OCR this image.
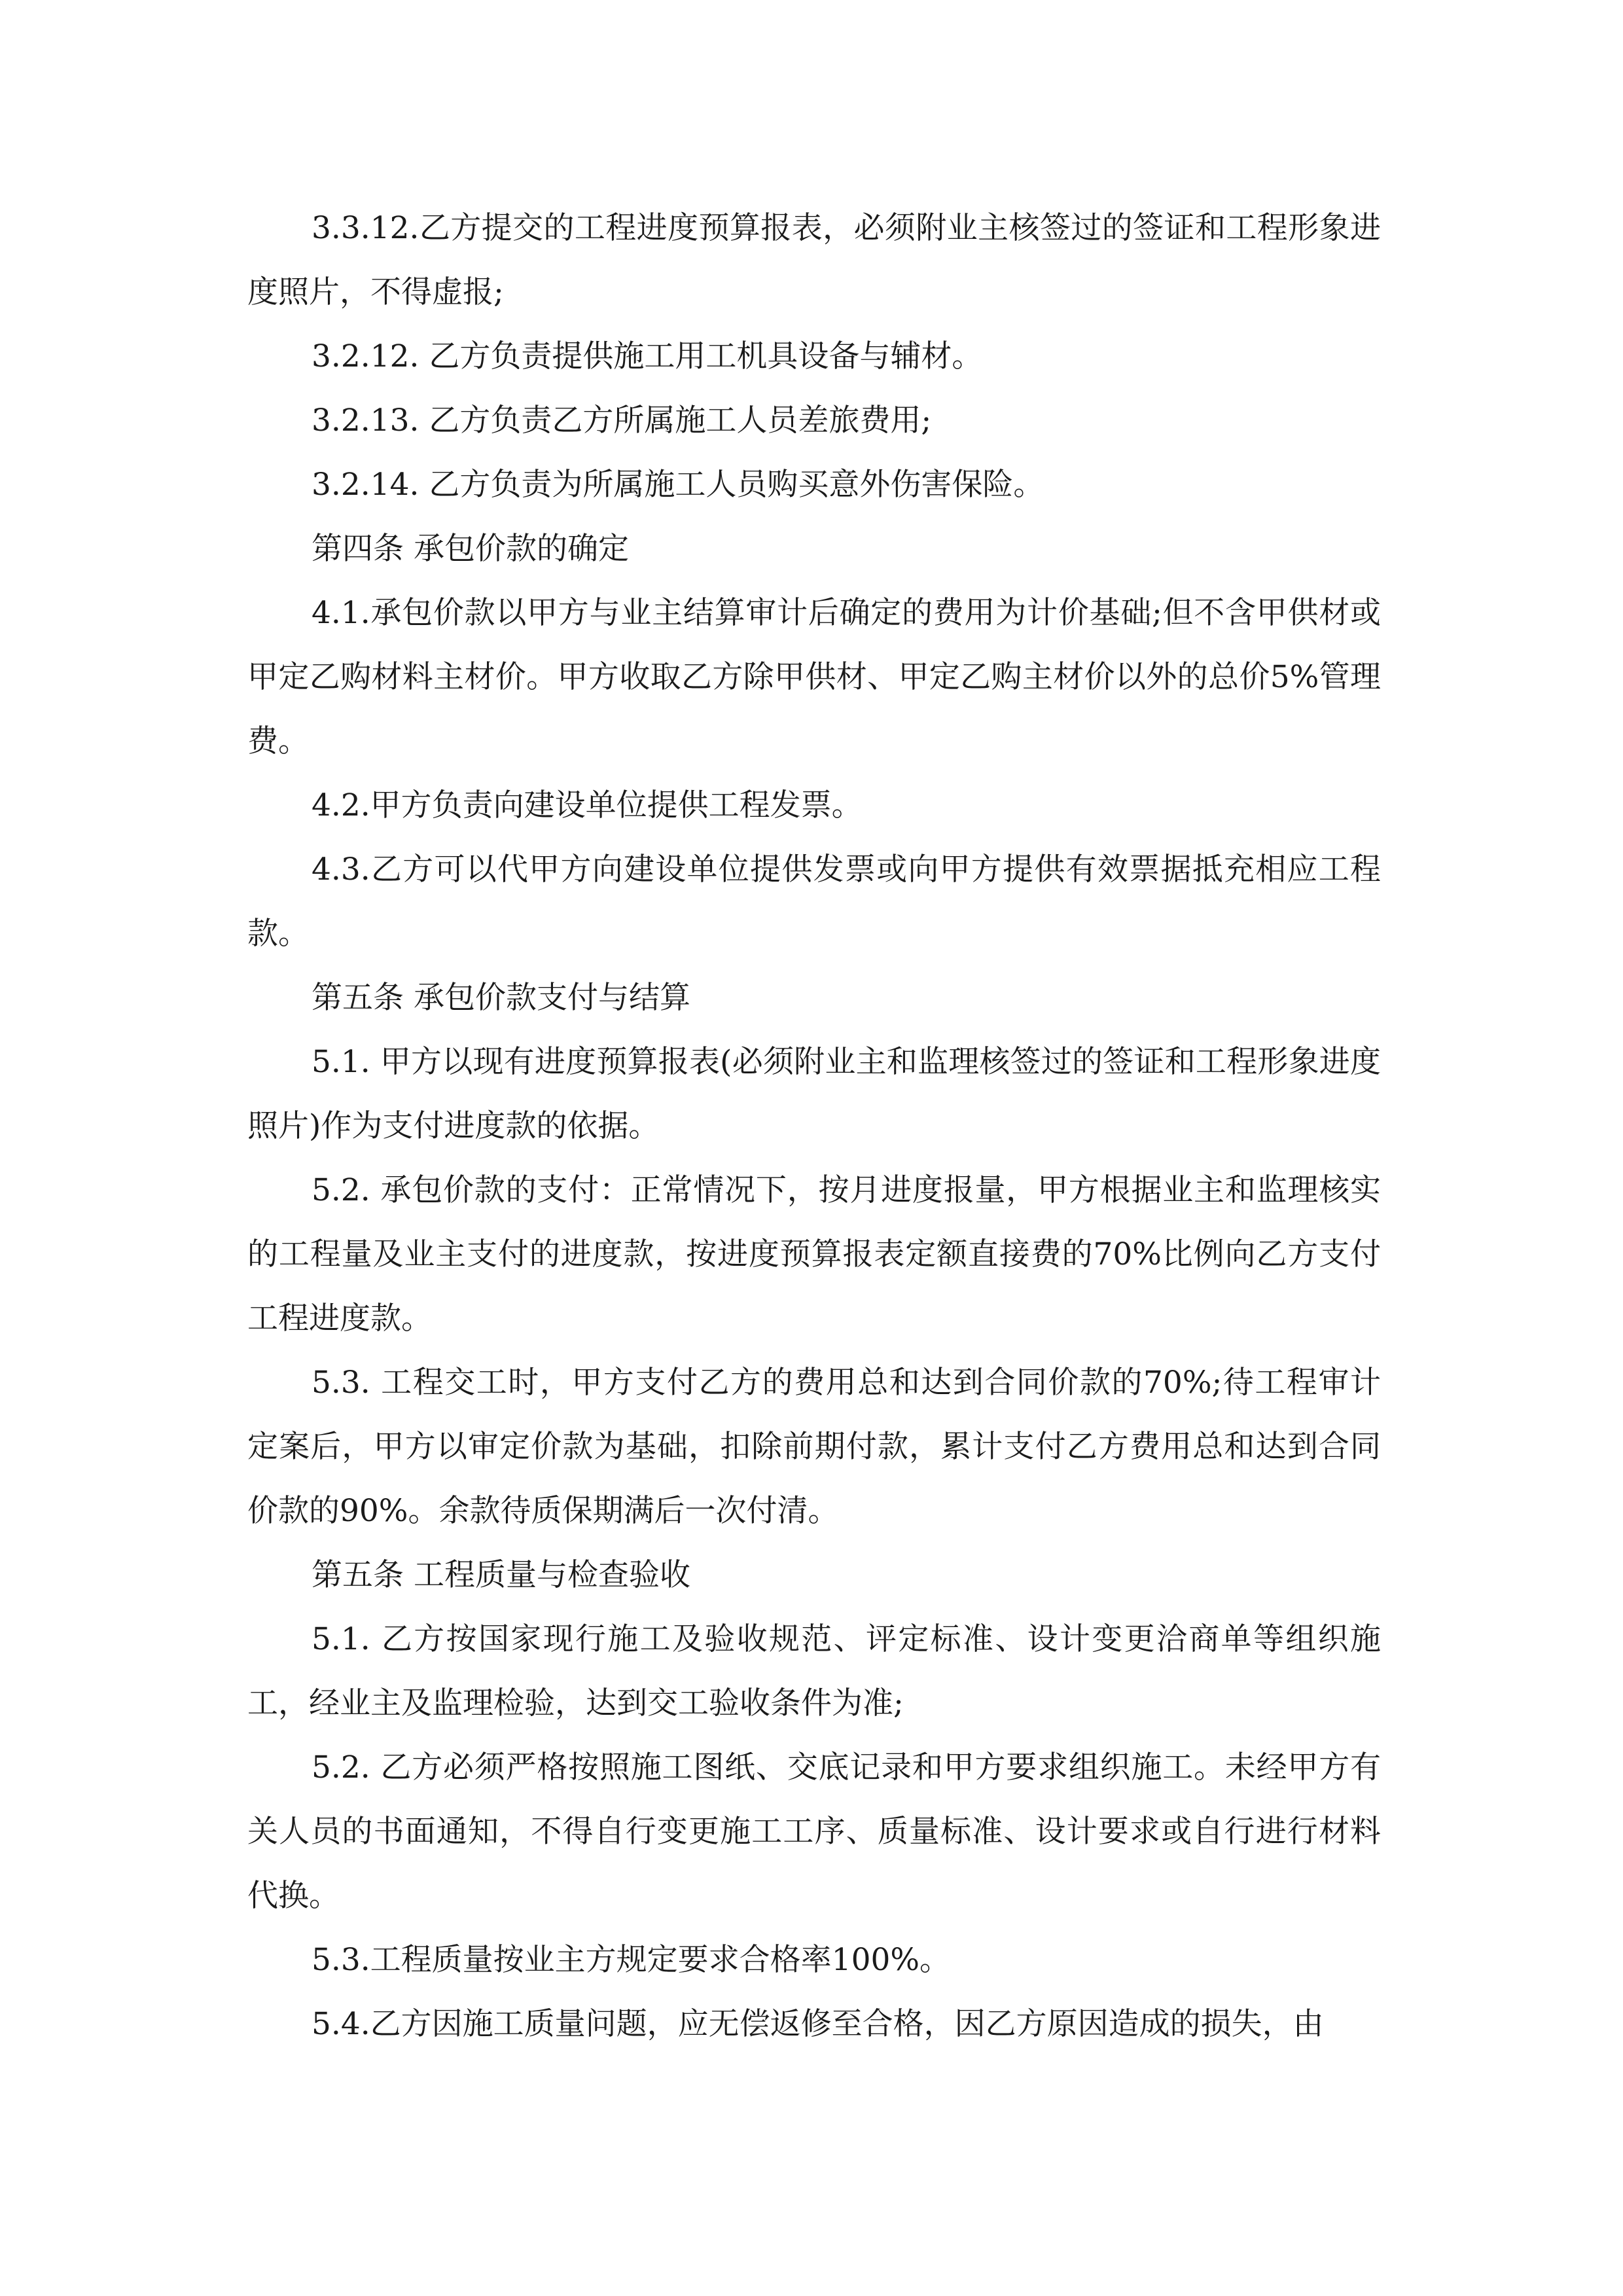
3.3.12.乙方提交的工程进度预算报表，必须附业主核签过的签证和工程形象进度照片，不得虚报;

3.2.12. 乙方负责提供施工用工机具设备与辅材。

3.2.13. 乙方负责乙方所属施工人员差旅费用;

3.2.14. 乙方负责为所属施工人员购买意外伤害保险。

第四条 承包价款的确定

4.1.承包价款以甲方与业主结算审计后确定的费用为计价基础;但不含甲供材或甲定乙购材料主材价。甲方收取乙方除甲供材、甲定乙购主材价以外的总价5%管理费。

4.2.甲方负责向建设单位提供工程发票。

4.3.乙方可以代甲方向建设单位提供发票或向甲方提供有效票据抵充相应工程款。

第五条 承包价款支付与结算

5.1. 甲方以现有进度预算报表(必须附业主和监理核签过的签证和工程形象进度照片)作为支付进度款的依据。

5.2. 承包价款的支付：正常情况下，按月进度报量，甲方根据业主和监理核实的工程量及业主支付的进度款，按进度预算报表定额直接费的70%比例向乙方支付工程进度款。

5.3. 工程交工时，甲方支付乙方的费用总和达到合同价款的70%;待工程审计定案后，甲方以审定价款为基础，扣除前期付款，累计支付乙方费用总和达到合同价款的90%。余款待质保期满后一次付清。

第五条 工程质量与检查验收

5.1. 乙方按国家现行施工及验收规范、评定标准、设计变更洽商单等组织施工，经业主及监理检验，达到交工验收条件为准;

5.2. 乙方必须严格按照施工图纸、交底记录和甲方要求组织施工。未经甲方有关人员的书面通知，不得自行变更施工工序、质量标准、设计要求或自行进行材料代换。

5.3.工程质量按业主方规定要求合格率100%。

5.4.乙方因施工质量问题，应无偿返修至合格，因乙方原因造成的损失，由
